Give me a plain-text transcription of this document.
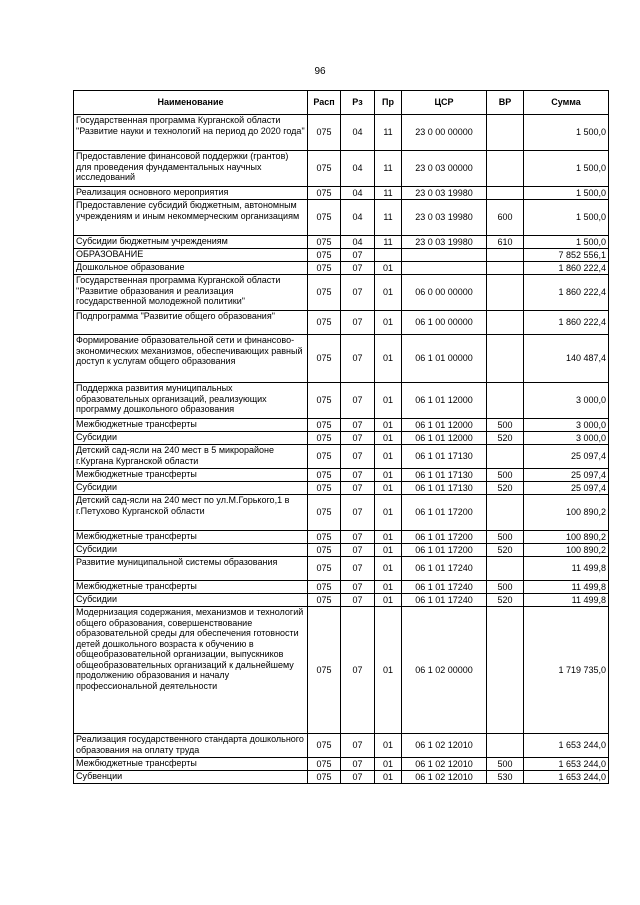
96
Наименование	Расп	Рз	Пр	ЦСР	ВР	Сумма
Государственная программа Курганской области "Развитие науки и технологий на период до 2020 года"	075	04	11	23 0 00 00000		1 500,0
Предоставление финансовой поддержки (грантов) для проведения фундаментальных научных исследований	075	04	11	23 0 03 00000		1 500,0
Реализация основного мероприятия	075	04	11	23 0 03 19980		1 500,0
Предоставление субсидий бюджетным, автономным учреждениям и иным некоммерческим организациям	075	04	11	23 0 03 19980	600	1 500,0
Субсидии бюджетным учреждениям	075	04	11	23 0 03 19980	610	1 500,0
ОБРАЗОВАНИЕ	075	07				7 852 556,1
Дошкольное образование	075	07	01			1 860 222,4
Государственная программа Курганской области "Развитие образования и реализация государственной молодежной политики"	075	07	01	06 0 00 00000		1 860 222,4
Подпрограмма "Развитие общего образования"	075	07	01	06 1 00 00000		1 860 222,4
Формирование образовательной сети и финансово-экономических механизмов, обеспечивающих равный доступ к услугам общего образования	075	07	01	06 1 01 00000		140 487,4
Поддержка развития муниципальных образовательных организаций, реализующих программу дошкольного образования	075	07	01	06 1 01 12000		3 000,0
Межбюджетные трансферты	075	07	01	06 1 01 12000	500	3 000,0
Субсидии	075	07	01	06 1 01 12000	520	3 000,0
Детский сад-ясли на 240 мест в 5 микрорайоне г.Кургана Курганской области	075	07	01	06 1 01 17130		25 097,4
Межбюджетные трансферты	075	07	01	06 1 01 17130	500	25 097,4
Субсидии	075	07	01	06 1 01 17130	520	25 097,4
Детский сад-ясли на 240 мест по ул.М.Горького,1 в г.Петухово Курганской области	075	07	01	06 1 01 17200		100 890,2
Межбюджетные трансферты	075	07	01	06 1 01 17200	500	100 890,2
Субсидии	075	07	01	06 1 01 17200	520	100 890,2
Развитие муниципальной системы образования	075	07	01	06 1 01 17240		11 499,8
Межбюджетные трансферты	075	07	01	06 1 01 17240	500	11 499,8
Субсидии	075	07	01	06 1 01 17240	520	11 499,8
Модернизация содержания, механизмов и технологий общего образования, совершенствование образовательной среды для обеспечения готовности детей дошкольного возраста к обучению в общеобразовательной организации, выпускников общеобразовательных организаций к дальнейшему продолжению образования и началу профессиональной деятельности	075	07	01	06 1 02 00000		1 719 735,0
Реализация государственного стандарта дошкольного образования на оплату труда	075	07	01	06 1 02 12010		1 653 244,0
Межбюджетные трансферты	075	07	01	06 1 02 12010	500	1 653 244,0
Субвенции	075	07	01	06 1 02 12010	530	1 653 244,0
